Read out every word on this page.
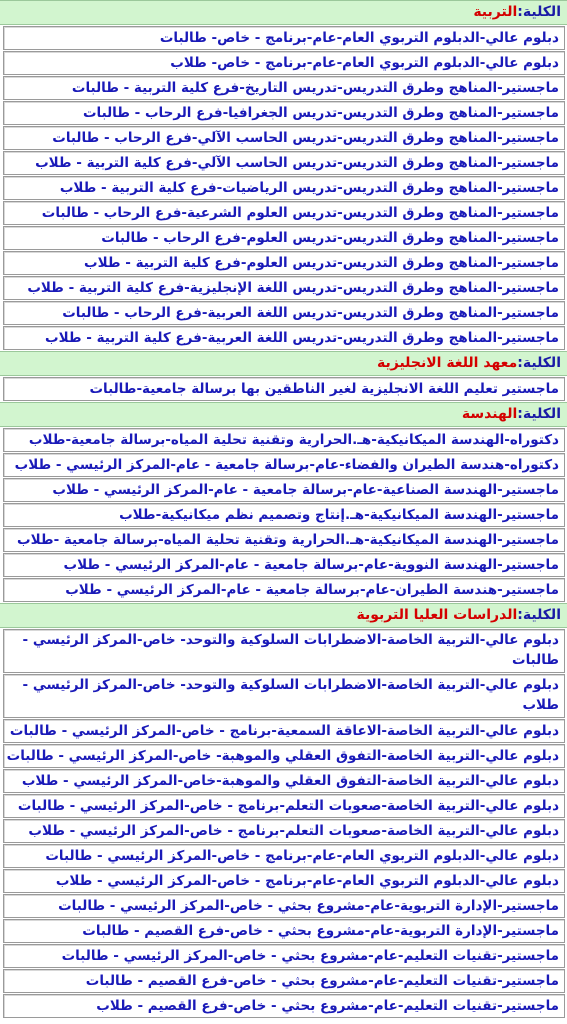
الكلية:التربية
دبلوم عالي-الدبلوم التربوي العام-عام-برنامج - خاص- طالبات
دبلوم عالي-الدبلوم التربوي العام-عام-برنامج - خاص- طلاب
ماجستير-المناهج وطرق التدريس-تدريس التاريخ-فرع كلية التربية - طالبات
ماجستير-المناهج وطرق التدريس-تدريس الجغرافيا-فرع الرحاب - طالبات
ماجستير-المناهج وطرق التدريس-تدريس الحاسب الآلي-فرع الرحاب - طالبات
ماجستير-المناهج وطرق التدريس-تدريس الحاسب الآلي-فرع كلية التربية - طلاب
ماجستير-المناهج وطرق التدريس-تدريس الرياضيات-فرع كلية التربية - طلاب
ماجستير-المناهج وطرق التدريس-تدريس العلوم الشرعية-فرع الرحاب - طالبات
ماجستير-المناهج وطرق التدريس-تدريس العلوم-فرع الرحاب - طالبات
ماجستير-المناهج وطرق التدريس-تدريس العلوم-فرع كلية التربية - طلاب
ماجستير-المناهج وطرق التدريس-تدريس اللغة الإنجليزية-فرع كلية التربية - طلاب
ماجستير-المناهج وطرق التدريس-تدريس اللغة العربية-فرع الرحاب - طالبات
ماجستير-المناهج وطرق التدريس-تدريس اللغة العربية-فرع كلية التربية - طلاب
الكلية:معهد اللغة الانجليزية
ماجستير تعليم اللغة الانجليزية لغير الناطقين بها برسالة جامعية-طالبات
الكلية:الهندسة
دكتوراه-الهندسة الميكانيكية-هـ.الحرارية وتقنية تحلية المياه-برسالة جامعية-طلاب
دكتوراه-هندسة الطيران والفضاء-عام-برسالة جامعية - عام-المركز الرئيسي - طلاب
ماجستير-الهندسة الصناعية-عام-برسالة جامعية - عام-المركز الرئيسي - طلاب
ماجستير-الهندسة الميكانيكية-هـ.إنتاج وتصميم نظم ميكانيكية-طلاب
ماجستير-الهندسة الميكانيكية-هـ.الحرارية وتقنية تحلية المياه-برسالة جامعية -طلاب
ماجستير-الهندسة النووية-عام-برسالة جامعية - عام-المركز الرئيسي - طلاب
ماجستير-هندسة الطيران-عام-برسالة جامعية - عام-المركز الرئيسي - طلاب
الكلية:الدراسات العليا التربوية
دبلوم عالي-التربية الخاصة-الاضطرابات السلوكية والتوحد- خاص-المركز الرئيسي - طالبات
دبلوم عالي-التربية الخاصة-الاضطرابات السلوكية والتوحد- خاص-المركز الرئيسي - طلاب
دبلوم عالي-التربية الخاصة-الاعاقة السمعية-برنامج - خاص-المركز الرئيسي - طالبات
دبلوم عالي-التربية الخاصة-التفوق العقلي والموهبة- خاص-المركز الرئيسي - طالبات
دبلوم عالي-التربية الخاصة-التفوق العقلي والموهبة-خاص-المركز الرئيسي - طلاب
دبلوم عالي-التربية الخاصة-صعوبات التعلم-برنامج - خاص-المركز الرئيسي - طالبات
دبلوم عالي-التربية الخاصة-صعوبات التعلم-برنامج - خاص-المركز الرئيسي - طلاب
دبلوم عالي-الدبلوم التربوي العام-عام-برنامج - خاص-المركز الرئيسي - طالبات
دبلوم عالي-الدبلوم التربوي العام-عام-برنامج - خاص-المركز الرئيسي - طلاب
ماجستير-الإدارة التربوية-عام-مشروع بحثي - خاص-المركز الرئيسي - طالبات
ماجستير-الإدارة التربوية-عام-مشروع بحثي - خاص-فرع القصيم - طالبات
ماجستير-تقنيات التعليم-عام-مشروع بحثي - خاص-المركز الرئيسي - طالبات
ماجستير-تقنيات التعليم-عام-مشروع بحثي - خاص-فرع القصيم - طالبات
ماجستير-تقنيات التعليم-عام-مشروع بحثي - خاص-فرع القصيم - طلاب
